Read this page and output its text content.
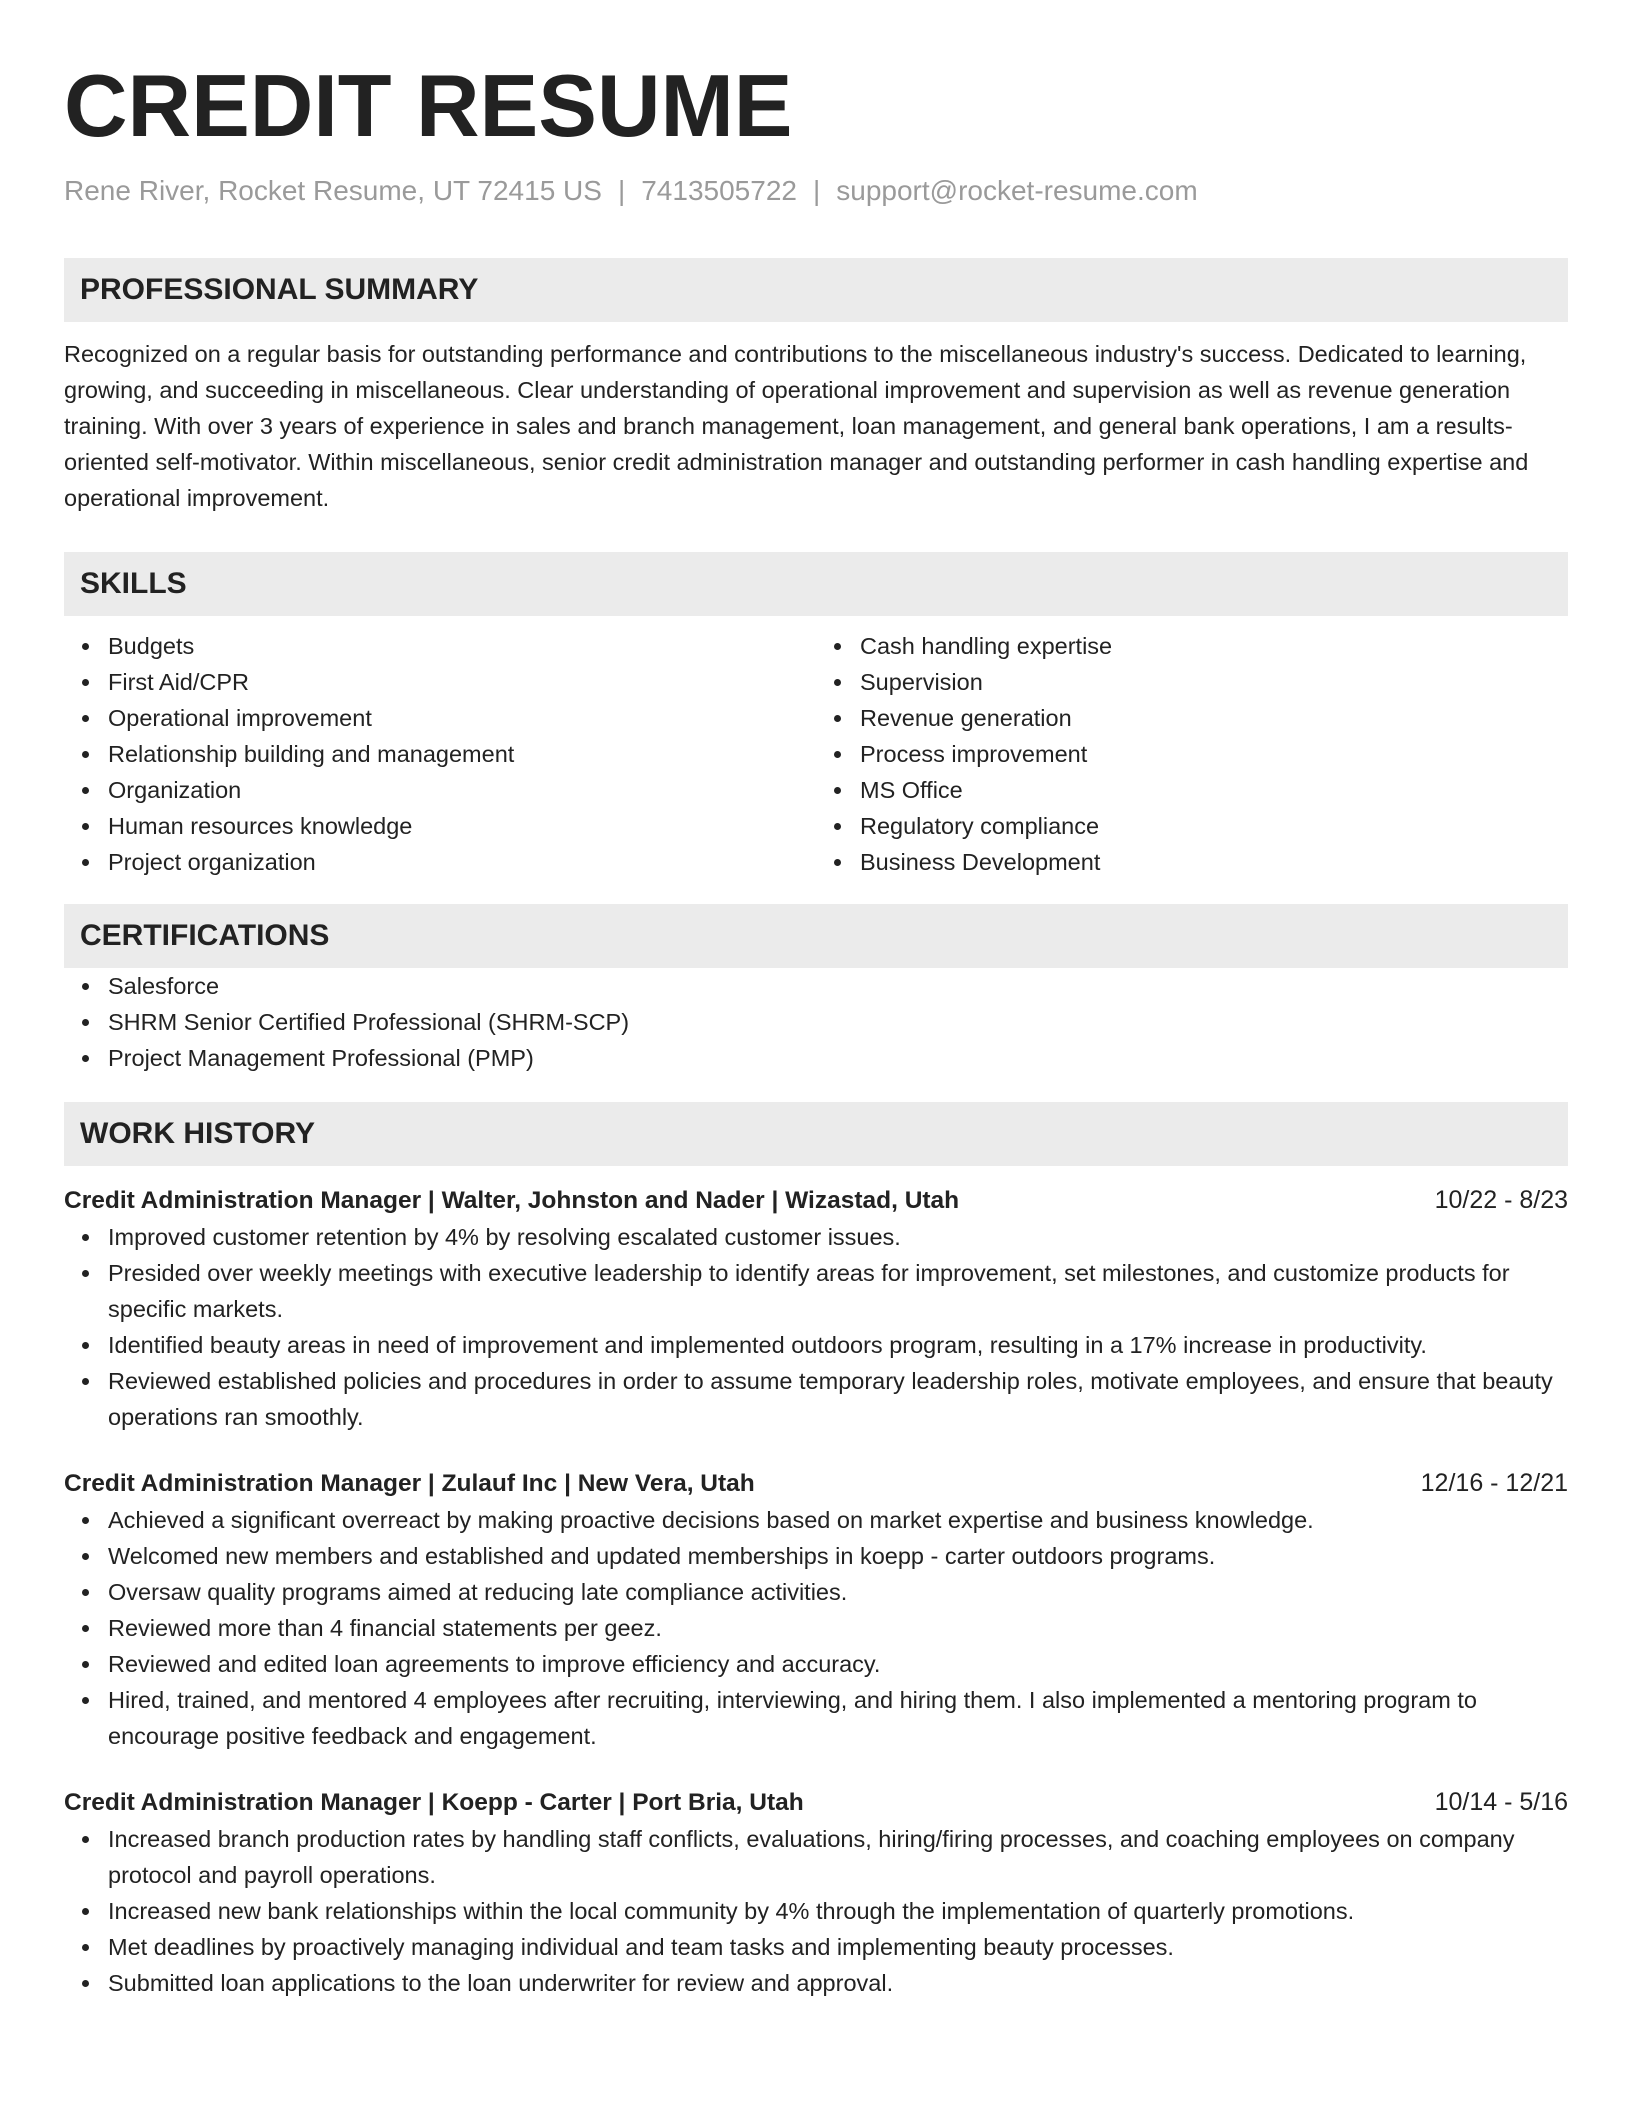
CREDIT RESUME
Rene River, Rocket Resume, UT 72415 US | 7413505722 | support@rocket-resume.com
PROFESSIONAL SUMMARY
Recognized on a regular basis for outstanding performance and contributions to the miscellaneous industry's success. Dedicated to learning, growing, and succeeding in miscellaneous. Clear understanding of operational improvement and supervision as well as revenue generation training. With over 3 years of experience in sales and branch management, loan management, and general bank operations, I am a results-oriented self-motivator. Within miscellaneous, senior credit administration manager and outstanding performer in cash handling expertise and operational improvement.
SKILLS
Budgets
First Aid/CPR
Operational improvement
Relationship building and management
Organization
Human resources knowledge
Project organization
Cash handling expertise
Supervision
Revenue generation
Process improvement
MS Office
Regulatory compliance
Business Development
CERTIFICATIONS
Salesforce
SHRM Senior Certified Professional (SHRM-SCP)
Project Management Professional (PMP)
WORK HISTORY
Credit Administration Manager | Walter, Johnston and Nader | Wizastad, Utah	10/22 - 8/23
Improved customer retention by 4% by resolving escalated customer issues.
Presided over weekly meetings with executive leadership to identify areas for improvement, set milestones, and customize products for specific markets.
Identified beauty areas in need of improvement and implemented outdoors program, resulting in a 17% increase in productivity.
Reviewed established policies and procedures in order to assume temporary leadership roles, motivate employees, and ensure that beauty operations ran smoothly.
Credit Administration Manager | Zulauf Inc | New Vera, Utah	12/16 - 12/21
Achieved a significant overreact by making proactive decisions based on market expertise and business knowledge.
Welcomed new members and established and updated memberships in koepp - carter outdoors programs.
Oversaw quality programs aimed at reducing late compliance activities.
Reviewed more than 4 financial statements per geez.
Reviewed and edited loan agreements to improve efficiency and accuracy.
Hired, trained, and mentored 4 employees after recruiting, interviewing, and hiring them. I also implemented a mentoring program to encourage positive feedback and engagement.
Credit Administration Manager | Koepp - Carter | Port Bria, Utah	10/14 - 5/16
Increased branch production rates by handling staff conflicts, evaluations, hiring/firing processes, and coaching employees on company protocol and payroll operations.
Increased new bank relationships within the local community by 4% through the implementation of quarterly promotions.
Met deadlines by proactively managing individual and team tasks and implementing beauty processes.
Submitted loan applications to the loan underwriter for review and approval.
